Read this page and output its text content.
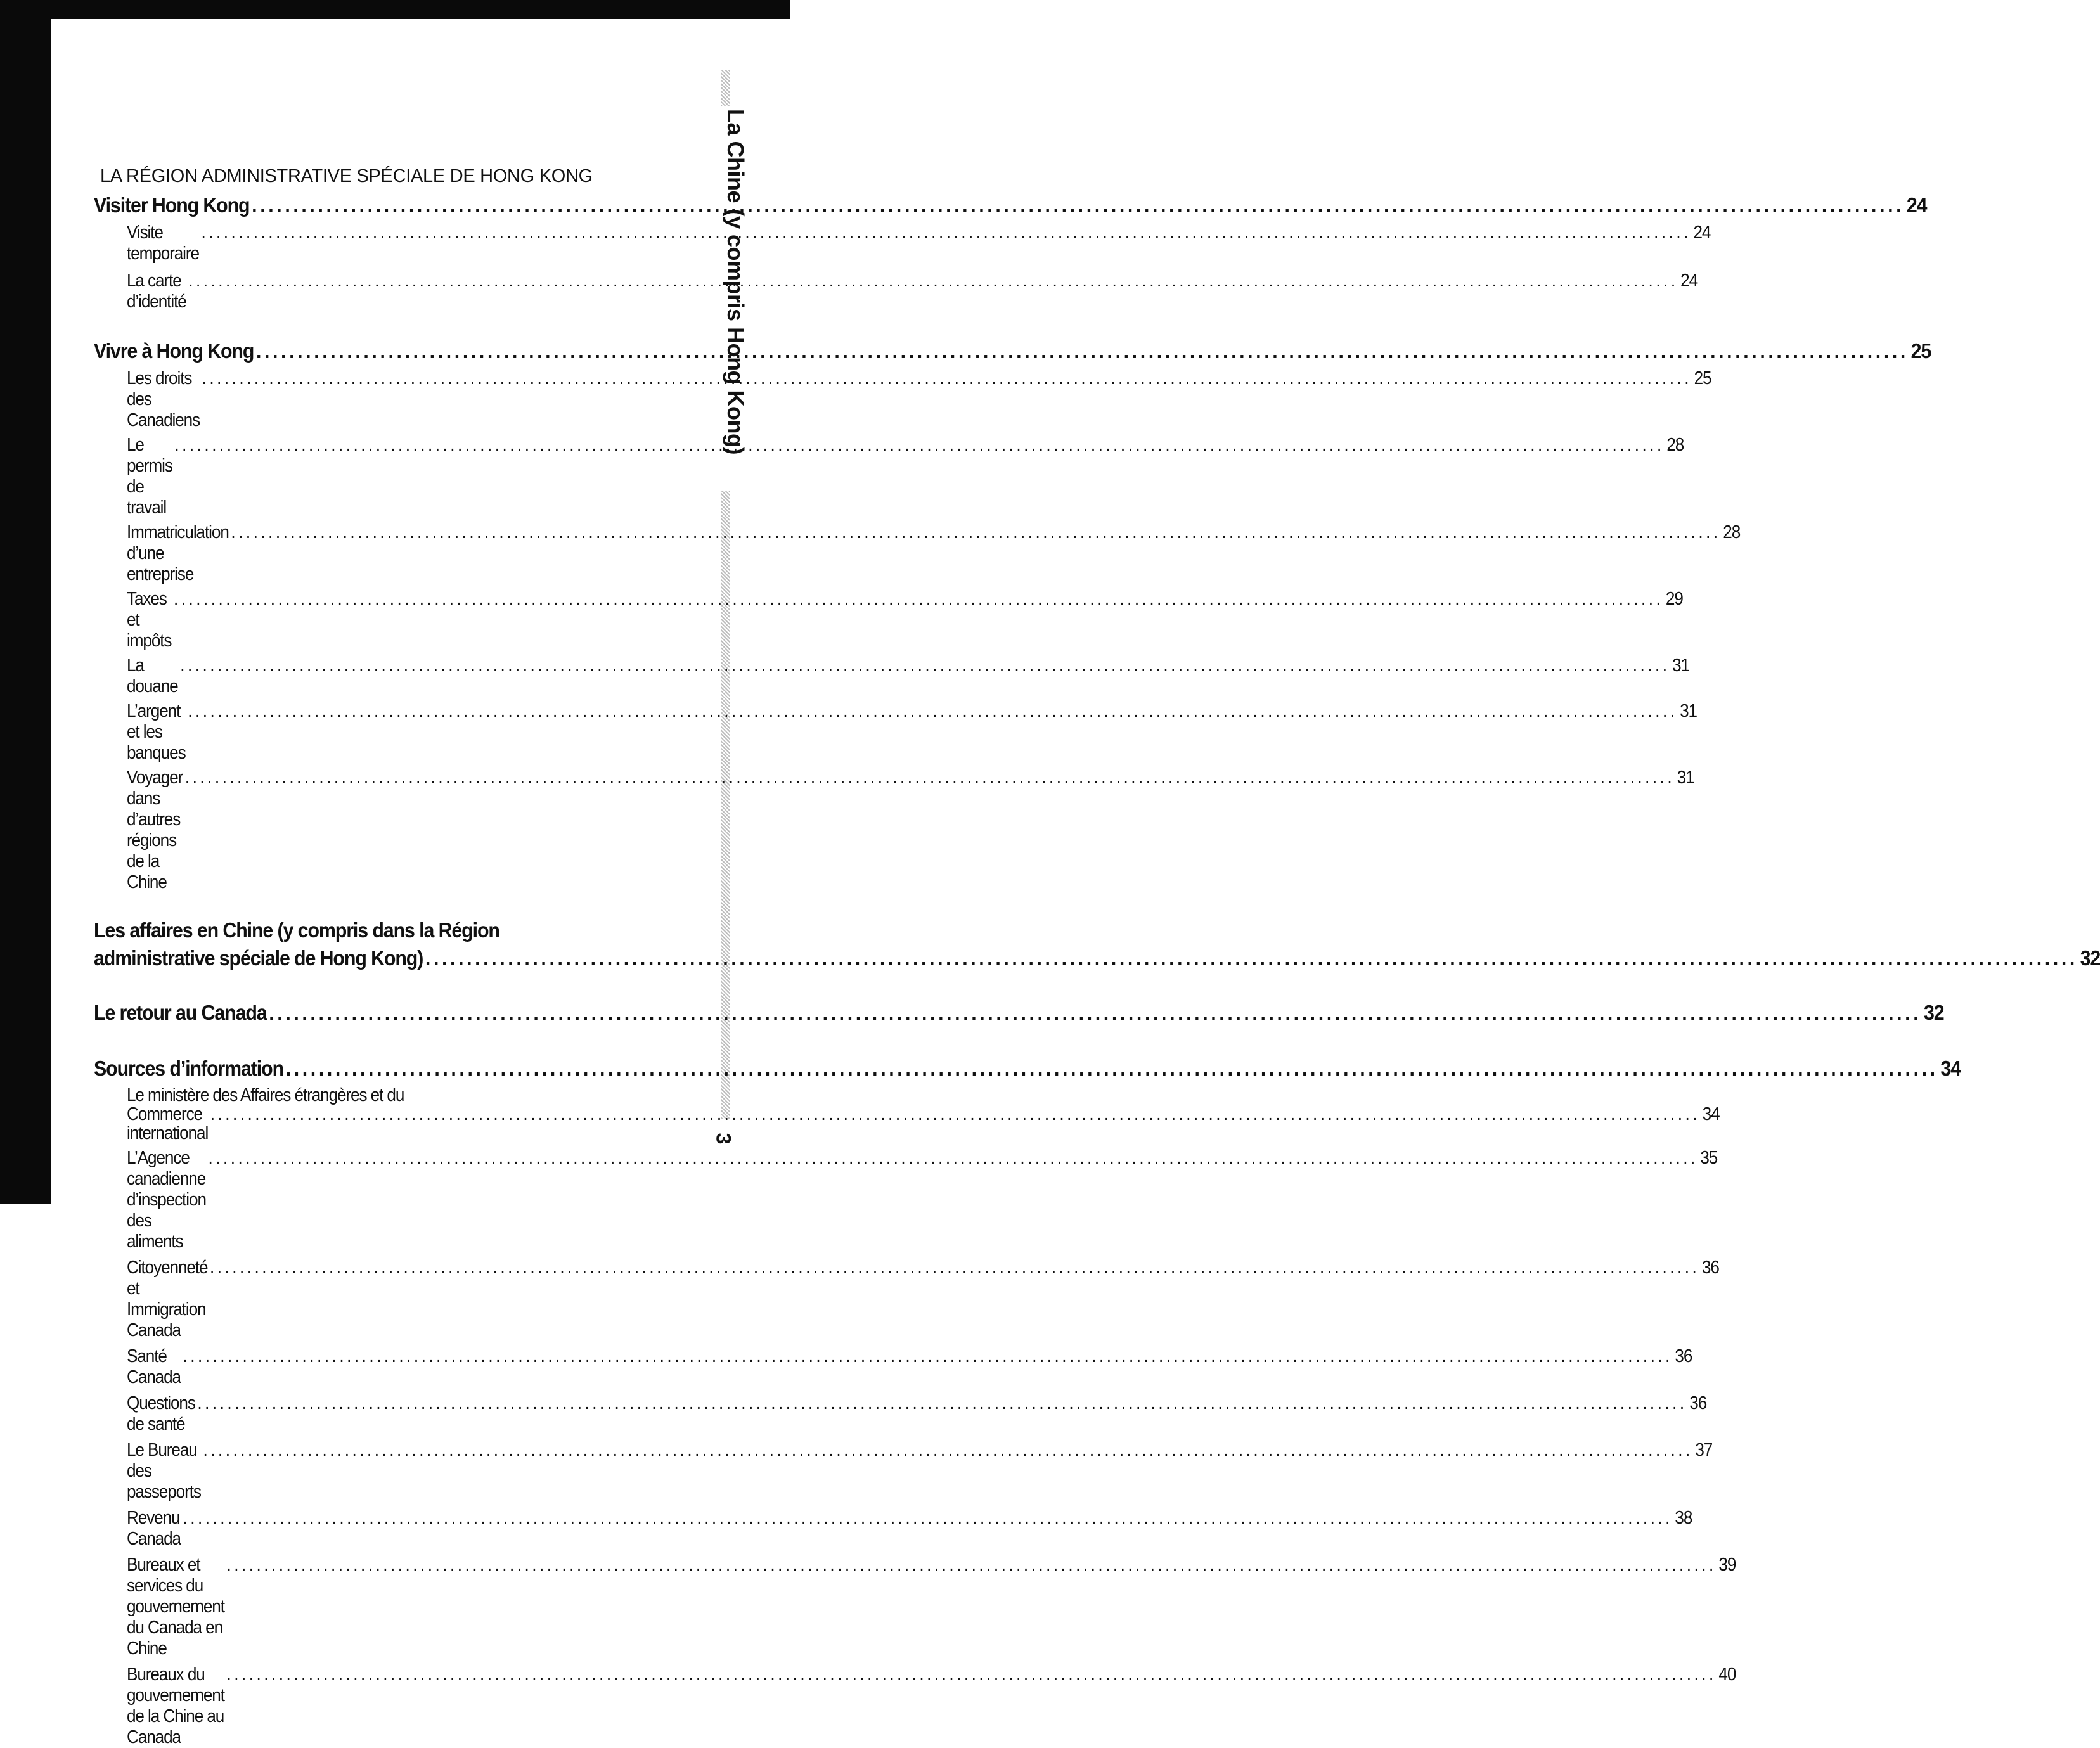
La Chine (y compris Hong Kong)
3
LA RÉGION ADMINISTRATIVE SPÉCIALE DE HONG KONG
Visiter Hong Kong .....	24
Visite temporaire
........................................................................................................................................................................................................ 24
La carte d’identité
........................................................................................................................................................................................................ 24
Vivre à Hong Kong .....	25
Les droits des Canadiens
........................................................................................................................................................................................................ 25
Le permis de travail
........................................................................................................................................................................................................ 28
Immatriculation d’une entreprise
........................................................................................................................................................................................................ 28
Taxes et impôts
........................................................................................................................................................................................................ 29
La douane
........................................................................................................................................................................................................ 31
L’argent et les banques
........................................................................................................................................................................................................ 31
Voyager dans d’autres régions de la Chine
........................................................................................................................................................................................................ 31
Les affaires en Chine (y compris dans la Région
administrative spéciale de Hong Kong) .....	32
Le retour au Canada .....	32
Sources d’information .....	34
Le ministère des Affaires étrangères et du
Commerce international
........................................................................................................................................................................................................ 34
L’Agence canadienne d’inspection des aliments
........................................................................................................................................................................................................ 35
Citoyenneté et Immigration Canada
........................................................................................................................................................................................................ 36
Santé Canada
........................................................................................................................................................................................................ 36
Questions de santé
........................................................................................................................................................................................................ 36
Le Bureau des passeports
........................................................................................................................................................................................................ 37
Revenu Canada
........................................................................................................................................................................................................ 38
Bureaux et services du gouvernement du Canada en Chine
........................................................................................................................................................................................................ 39
Bureaux du gouvernement de la Chine au Canada
........................................................................................................................................................................................................ 40
